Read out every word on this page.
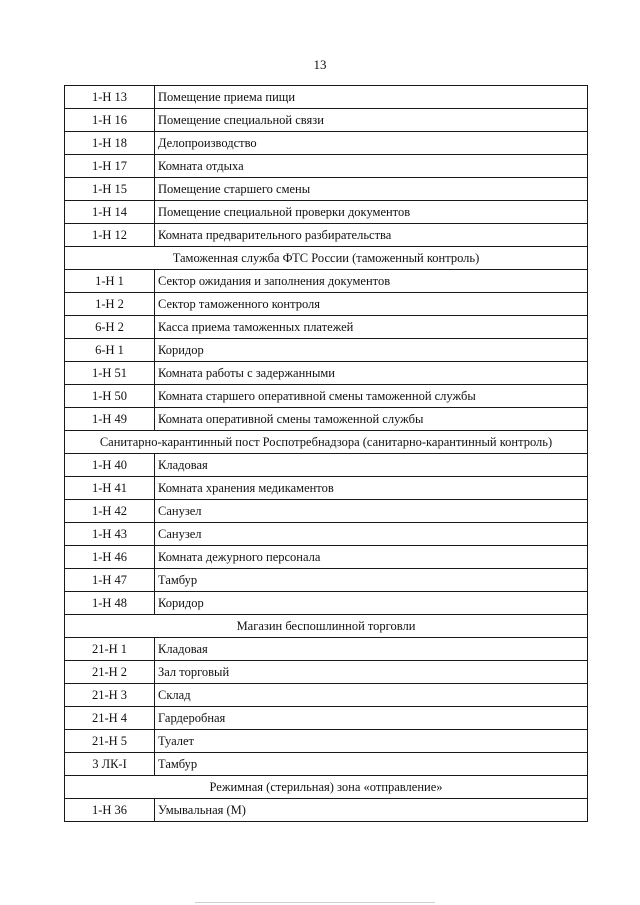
13
1-Н 13	Помещение приема пищи
1-Н 16	Помещение специальной связи
1-Н 18	Делопроизводство
1-Н 17	Комната отдыха
1-Н 15	Помещение старшего смены
1-Н 14	Помещение специальной проверки документов
1-Н 12	Комната предварительного разбирательства
Таможенная служба ФТС России (таможенный контроль)	
1-Н 1	Сектор ожидания и заполнения документов
1-Н 2	Сектор таможенного контроля
6-Н 2	Касса приема таможенных платежей
6-Н 1	Коридор
1-Н 51	Комната работы с задержанными
1-Н 50	Комната старшего оперативной смены таможенной службы
1-Н 49	Комната оперативной смены таможенной службы
Санитарно-карантинный пост Роспотребнадзора (санитарно-карантинный контроль)	
1-Н 40	Кладовая
1-Н 41	Комната хранения медикаментов
1-Н 42	Санузел
1-Н 43	Санузел
1-Н 46	Комната дежурного персонала
1-Н 47	Тамбур
1-Н 48	Коридор
Магазин беспошлинной торговли	
21-Н 1	Кладовая
21-Н 2	Зал торговый
21-Н 3	Склад
21-Н 4	Гардеробная
21-Н 5	Туалет
3 ЛК-I	Тамбур
Режимная (стерильная) зона «отправление»	
1-Н 36	Умывальная (М)
